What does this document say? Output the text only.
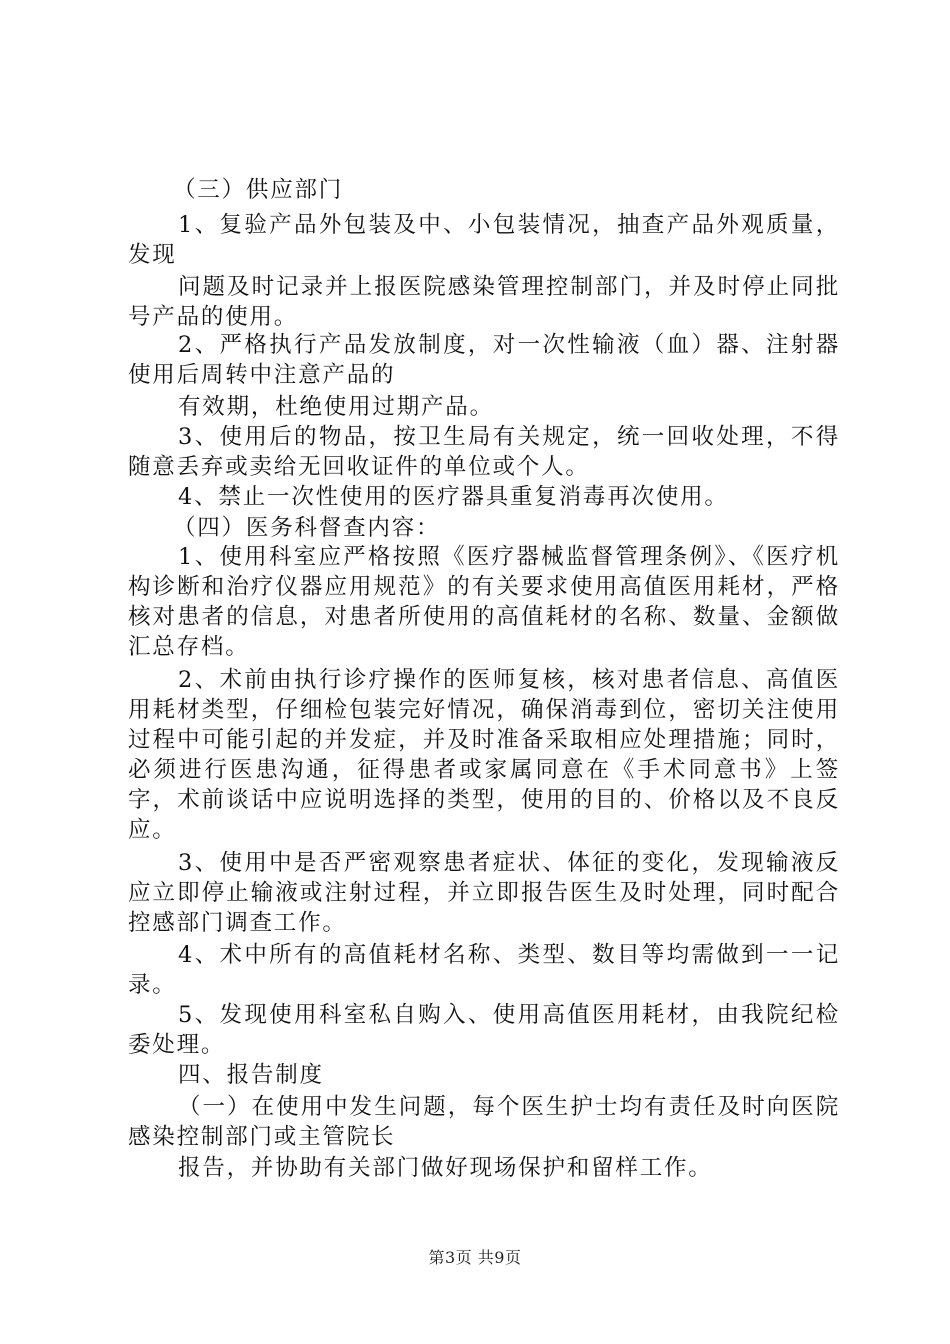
（三）供应部门

1、复验产品外包装及中、小包装情况，抽查产品外观质量，发现

问题及时记录并上报医院感染管理控制部门，并及时停止同批号产品的使用。

2、严格执行产品发放制度，对一次性输液（血）器、注射器使用后周转中注意产品的

有效期，杜绝使用过期产品。

3、使用后的物品，按卫生局有关规定，统一回收处理，不得随意丢弃或卖给无回收证件的单位或个人。

4、禁止一次性使用的医疗器具重复消毒再次使用。

（四）医务科督查内容：

1、使用科室应严格按照《医疗器械监督管理条例》、《医疗机构诊断和治疗仪器应用规范》的有关要求使用高值医用耗材，严格核对患者的信息，对患者所使用的高值耗材的名称、数量、金额做汇总存档。

2、术前由执行诊疗操作的医师复核，核对患者信息、高值医用耗材类型，仔细检包装完好情况，确保消毒到位，密切关注使用过程中可能引起的并发症，并及时准备采取相应处理措施；同时，必须进行医患沟通，征得患者或家属同意在《手术同意书》上签字，术前谈话中应说明选择的类型，使用的目的、价格以及不良反应。

3、使用中是否严密观察患者症状、体征的变化，发现输液反应立即停止输液或注射过程，并立即报告医生及时处理，同时配合控感部门调查工作。

4、术中所有的高值耗材名称、类型、数目等均需做到一一记录。

5、发现使用科室私自购入、使用高值医用耗材，由我院纪检委处理。

四、报告制度

（一）在使用中发生问题，每个医生护士均有责任及时向医院感染控制部门或主管院长

报告，并协助有关部门做好现场保护和留样工作。

第3页 共9页
